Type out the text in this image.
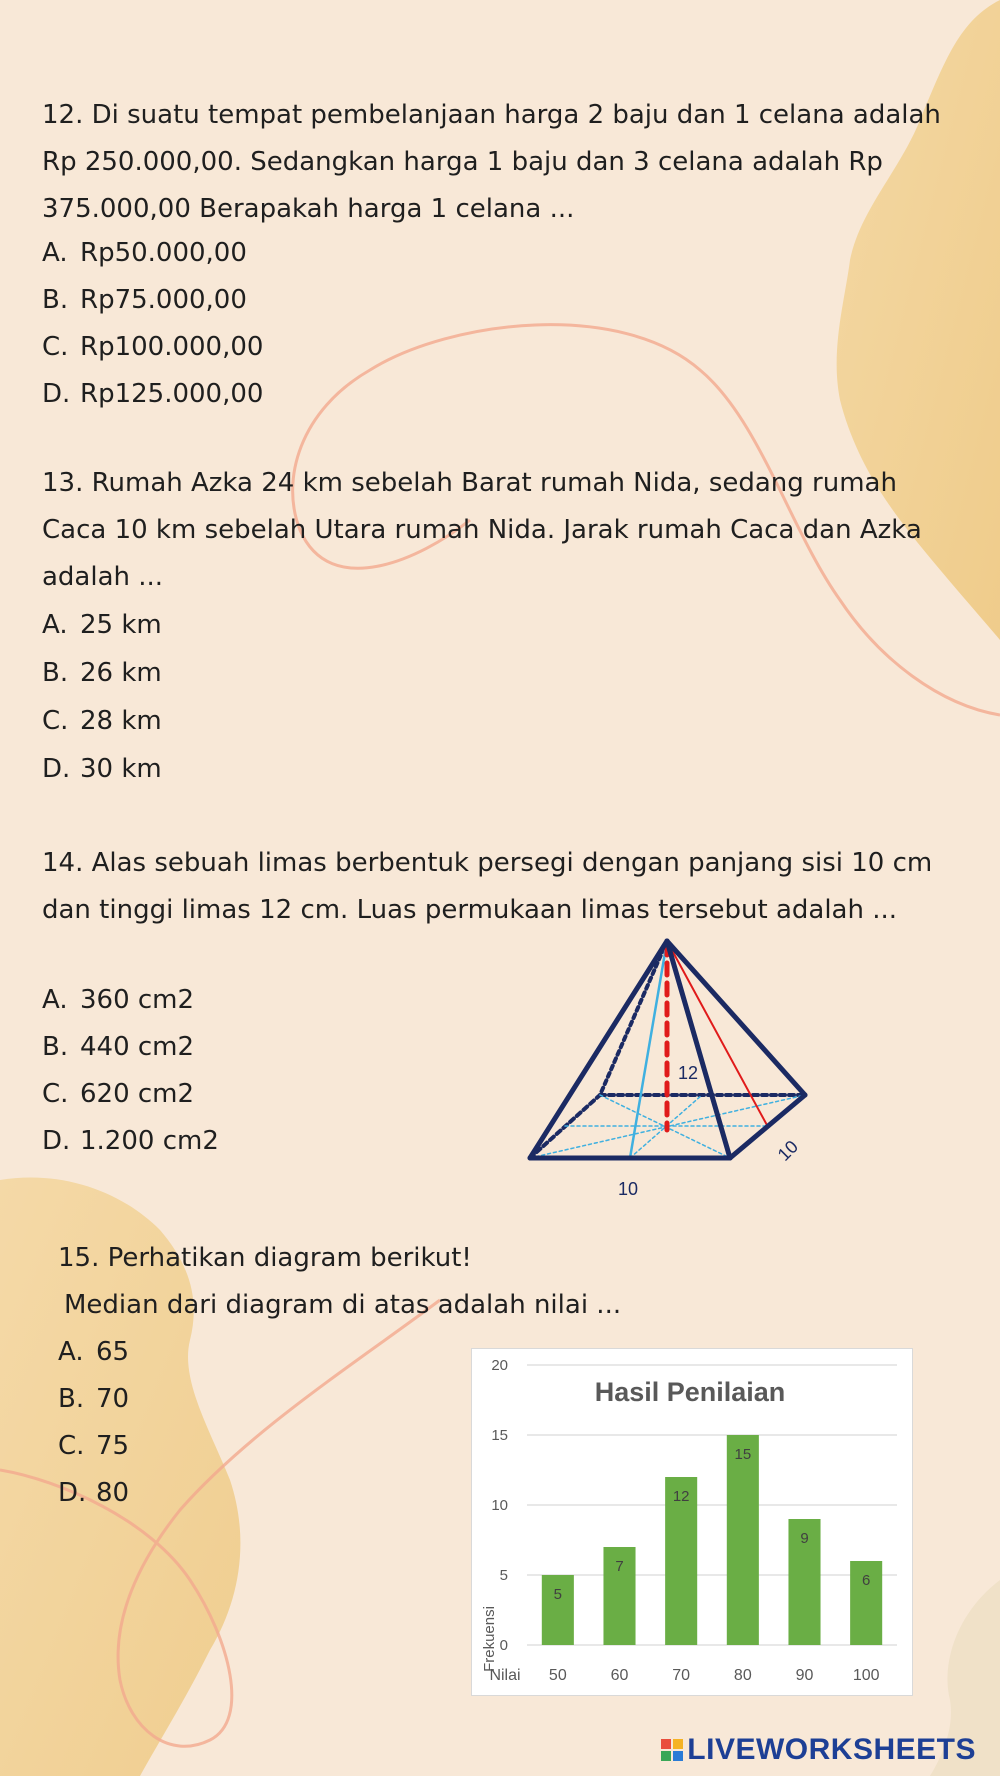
12. Di suatu tempat pembelanjaan harga 2 baju dan 1 celana adalah Rp 250.000,00. Sedangkan harga 1 baju dan 3 celana adalah Rp 375.000,00 Berapakah harga 1 celana ...
A. Rp50.000,00
B. Rp75.000,00
C. Rp100.000,00
D. Rp125.000,00
13. Rumah Azka 24 km sebelah Barat rumah Nida, sedang rumah Caca 10 km sebelah Utara rumah Nida. Jarak rumah Caca dan Azka adalah ...
A. 25 km
B. 26 km
C. 28 km
D. 30 km
14. Alas sebuah limas berbentuk persegi dengan panjang sisi 10 cm dan tinggi limas 12 cm. Luas permukaan limas tersebut adalah ...
A. 360 cm2
B. 440 cm2
C. 620 cm2
D. 1.200 cm2
12
10
10
15. Perhatikan diagram berikut!
Median dari diagram di atas adalah nilai ...
A. 65
B. 70
C. 75
D. 80
Hasil Penilaian
Frekuensi
Nilai
0
5
10
15
20
5
50
7
60
12
70
15
80
9
90
6
100
LIVEWORKSHEETS
